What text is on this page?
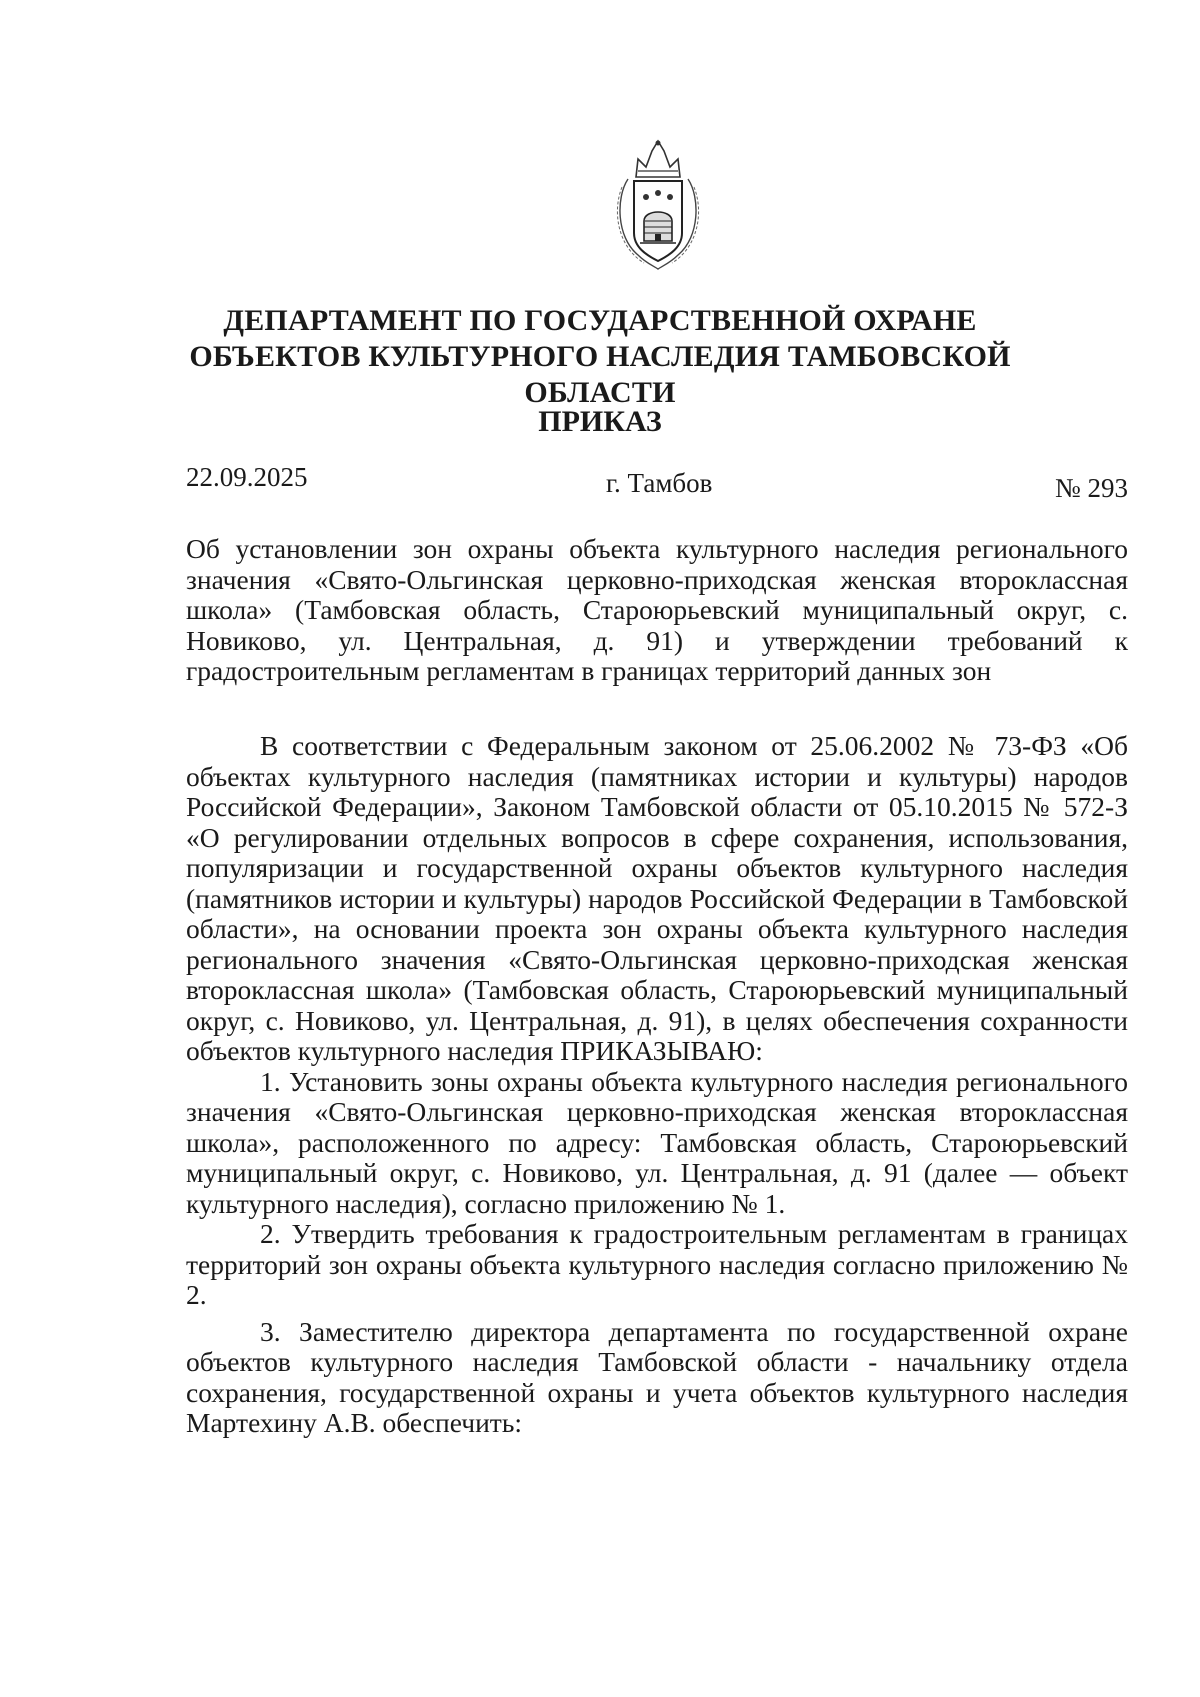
ДЕПАРТАМЕНТ ПО ГОСУДАРСТВЕННОЙ ОХРАНЕ ОБЪЕКТОВ КУЛЬТУРНОГО НАСЛЕДИЯ ТАМБОВСКОЙ ОБЛАСТИ
ПРИКАЗ
22.09.2025	г. Тамбов	№ 293

Об установлении зон охраны объекта культурного наследия регионального значения «Свято-Ольгинская церковно-приходская женская второклассная школа» (Тамбовская область, Староюрьевский муниципальный округ, с. Новиково, ул. Центральная, д. 91) и утверждении требований к градостроительным регламентам в границах территорий данных зон

В соответствии с Федеральным законом от 25.06.2002 № 73-ФЗ «Об объектах культурного наследия (памятниках истории и культуры) народов Российской Федерации», Законом Тамбовской области от 05.10.2015 № 572-З «О регулировании отдельных вопросов в сфере сохранения, использования, популяризации и государственной охраны объектов культурного наследия (памятников истории и культуры) народов Российской Федерации в Тамбовской области», на основании проекта зон охраны объекта культурного наследия регионального значения «Свято-Ольгинская церковно-приходская женская второклассная школа» (Тамбовская область, Староюрьевский муниципальный округ, с. Новиково, ул. Центральная, д. 91), в целях обеспечения сохранности объектов культурного наследия ПРИКАЗЫВАЮ:

1. Установить зоны охраны объекта культурного наследия регионального значения «Свято-Ольгинская церковно-приходская женская второклассная школа», расположенного по адресу: Тамбовская область, Староюрьевский муниципальный округ, с. Новиково, ул. Центральная, д. 91 (далее — объект культурного наследия), согласно приложению № 1.

2. Утвердить требования к градостроительным регламентам в границах территорий зон охраны объекта культурного наследия согласно приложению № 2.

3. Заместителю директора департамента по государственной охране объектов культурного наследия Тамбовской области - начальнику отдела сохранения, государственной охраны и учета объектов культурного наследия Мартехину А.В. обеспечить:
